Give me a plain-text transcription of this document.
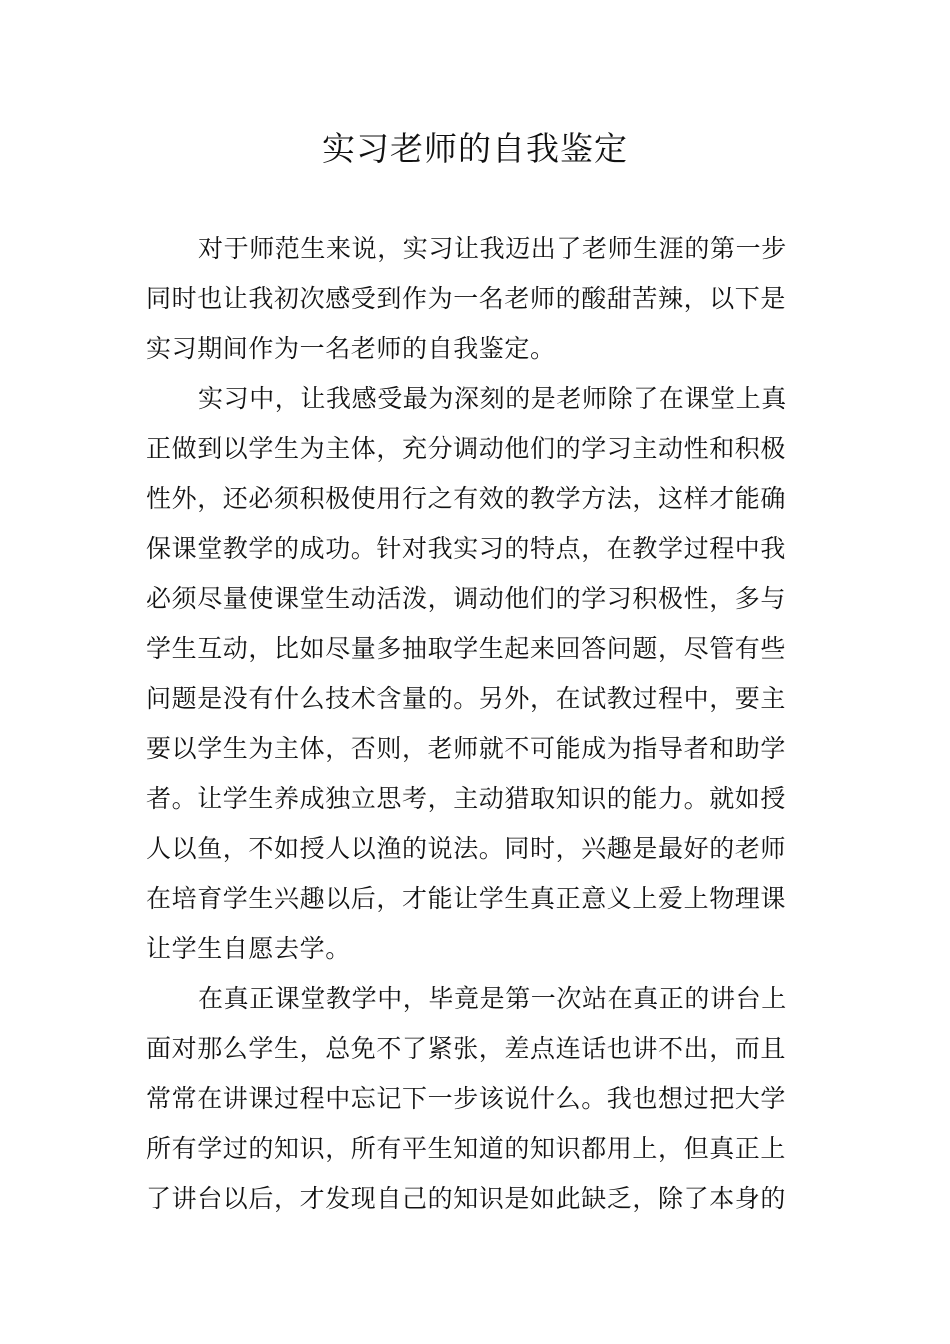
实习老师的自我鉴定
对于师范生来说，实习让我迈出了老师生涯的第一步
同时也让我初次感受到作为一名老师的酸甜苦辣，以下是
实习期间作为一名老师的自我鉴定。
实习中，让我感受最为深刻的是老师除了在课堂上真
正做到以学生为主体，充分调动他们的学习主动性和积极
性外，还必须积极使用行之有效的教学方法，这样才能确
保课堂教学的成功。针对我实习的特点，在教学过程中我
必须尽量使课堂生动活泼，调动他们的学习积极性，多与
学生互动，比如尽量多抽取学生起来回答问题，尽管有些
问题是没有什么技术含量的。另外，在试教过程中，要主
要以学生为主体，否则，老师就不可能成为指导者和助学
者。让学生养成独立思考，主动猎取知识的能力。就如授
人以鱼，不如授人以渔的说法。同时，兴趣是最好的老师
在培育学生兴趣以后，才能让学生真正意义上爱上物理课
让学生自愿去学。
在真正课堂教学中，毕竟是第一次站在真正的讲台上
面对那么学生，总免不了紧张，差点连话也讲不出，而且
常常在讲课过程中忘记下一步该说什么。我也想过把大学
所有学过的知识，所有平生知道的知识都用上，但真正上
了讲台以后，才发现自己的知识是如此缺乏，除了本身的
